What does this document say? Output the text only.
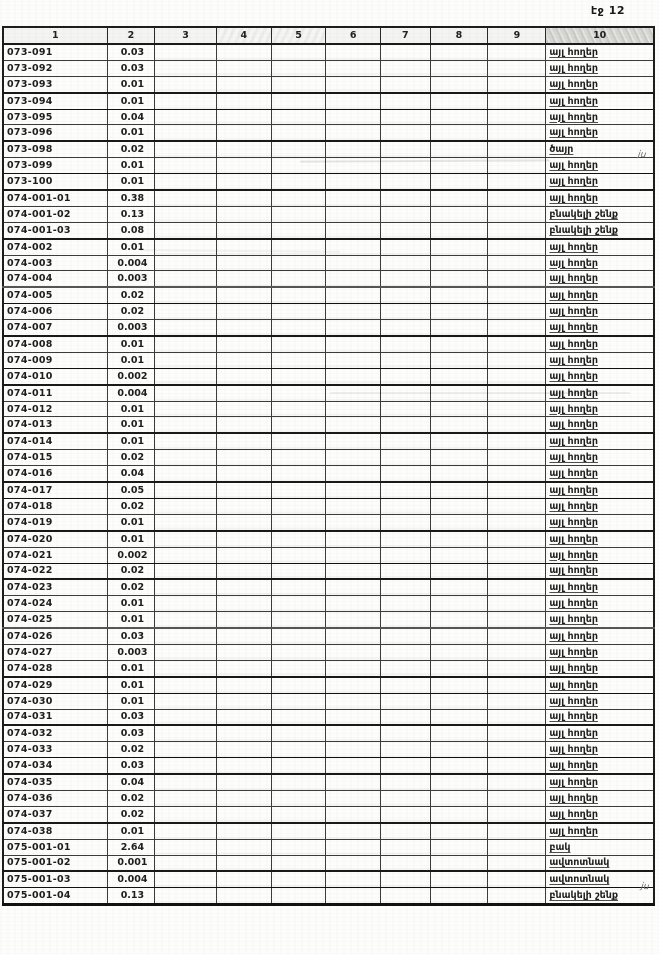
էջ 12
1	2	3	4	5	6	7	8	9	10
073-091	0.03								այլ հողեր
073-092	0.03								այլ հողեր
073-093	0.01								այլ հողեր
073-094	0.01								այլ հողեր
073-095	0.04								այլ հողեր
073-096	0.01								այլ հողեր
073-098	0.02								ծայր
073-099	0.01								այլ հողեր
073-100	0.01								այլ հողեր
074-001-01	0.38								այլ հողեր
074-001-02	0.13								բնակելի շենք
074-001-03	0.08								բնակելի շենք
074-002	0.01								այլ հողեր
074-003	0.004								այլ հողեր
074-004	0.003								այլ հողեր
074-005	0.02								այլ հողեր
074-006	0.02								այլ հողեր
074-007	0.003								այլ հողեր
074-008	0.01								այլ հողեր
074-009	0.01								այլ հողեր
074-010	0.002								այլ հողեր
074-011	0.004								այլ հողեր
074-012	0.01								այլ հողեր
074-013	0.01								այլ հողեր
074-014	0.01								այլ հողեր
074-015	0.02								այլ հողեր
074-016	0.04								այլ հողեր
074-017	0.05								այլ հողեր
074-018	0.02								այլ հողեր
074-019	0.01								այլ հողեր
074-020	0.01								այլ հողեր
074-021	0.002								այլ հողեր
074-022	0.02								այլ հողեր
074-023	0.02								այլ հողեր
074-024	0.01								այլ հողեր
074-025	0.01								այլ հողեր
074-026	0.03								այլ հողեր
074-027	0.003								այլ հողեր
074-028	0.01								այլ հողեր
074-029	0.01								այլ հողեր
074-030	0.01								այլ հողեր
074-031	0.03								այլ հողեր
074-032	0.03								այլ հողեր
074-033	0.02								այլ հողեր
074-034	0.03								այլ հողեր
074-035	0.04								այլ հողեր
074-036	0.02								այլ հողեր
074-037	0.02								այլ հողեր
074-038	0.01								այլ հողեր
075-001-01	2.64								բակ
075-001-02	0.001								ավտոտնակ
075-001-03	0.004								ավտոտնակ
075-001-04	0.13								բնակելի շենք
ju
ju
